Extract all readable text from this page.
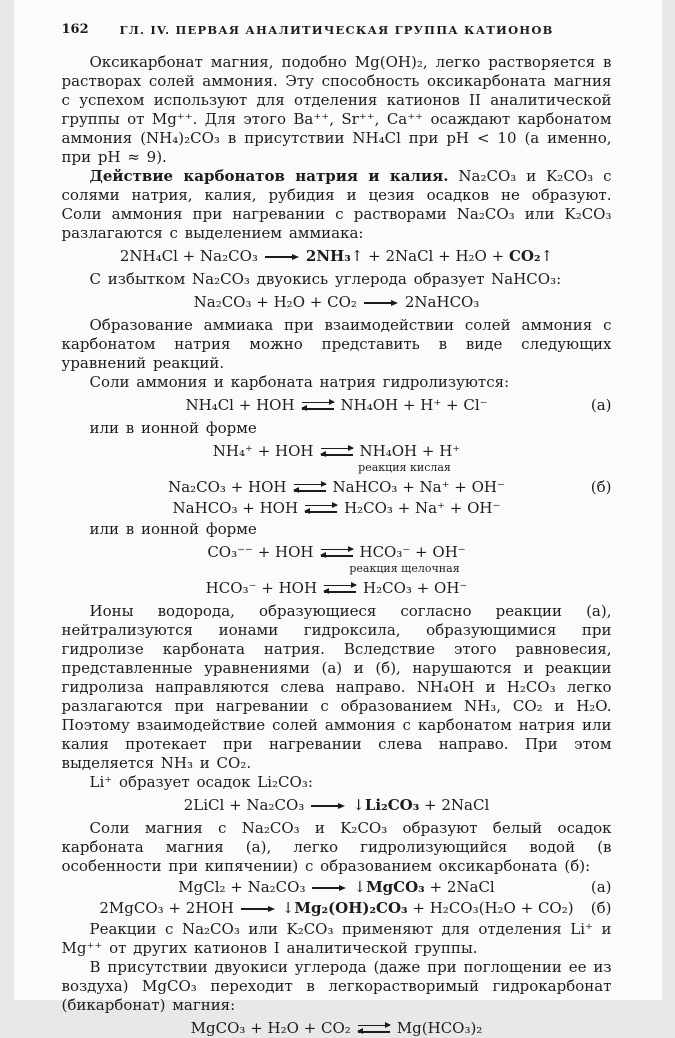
162	ГЛ. IV. ПЕРВАЯ АНАЛИТИЧЕСКАЯ ГРУППА КАТИОНОВ

Оксикарбонат магния, подобно Mg(OH)₂, легко растворяется в растворах солей аммония. Эту способность оксикарбоната магния с успехом используют для отделения катионов II аналитической группы от Mg⁺⁺. Для этого Ba⁺⁺, Sr⁺⁺, Ca⁺⁺ осаждают карбонатом аммония (NH₄)₂CO₃ в присутствии NH₄Cl при pH < 10 (а именно, при pH ≈ 9).

Действие карбонатов натрия и калия. Na₂CO₃ и K₂CO₃ с солями натрия, калия, рубидия и цезия осадков не образуют. Соли аммония при нагревании с растворами Na₂CO₃ или K₂CO₃ разлагаются с выделением аммиака:

2NH₄Cl + Na₂CO₃	2NH₃↑ + 2NaCl + H₂O + CO₂↑

С избытком Na₂CO₃ двуокись углерода образует NaHCO₃:

Na₂CO₃ + H₂O + CO₂	2NaHCO₃

Образование аммиака при взаимодействии солей аммония с карбонатом натрия можно представить в виде следующих уравнений реакций.

Соли аммония и карбоната натрия гидролизуются:

NH₄Cl + HOH ⇌ NH₄OH + H⁺ + Cl⁻	(а)

или в ионной форме

NH₄⁺ + HOH ⇌ NH₄OH + H⁺
реакция кислая
Na₂CO₃ + HOH ⇌ NaHCO₃ + Na⁺ + OH⁻	(б)
NaHCO₃ + HOH ⇌ H₂CO₃ + Na⁺ + OH⁻

или в ионной форме

CO₃⁻⁻ + HOH ⇌ HCO₃⁻ + OH⁻
реакция щелочная
HCO₃⁻ + HOH ⇌ H₂CO₃ + OH⁻

Ионы водорода, образующиеся согласно реакции (а), нейтрализуются ионами гидроксила, образующимися при гидролизе карбоната натрия. Вследствие этого равновесия, представленные уравнениями (а) и (б), нарушаются и реакции гидролиза направляются слева направо. NH₄OH и H₂CO₃ легко разлагаются при нагревании с образованием NH₃, CO₂ и H₂O. Поэтому взаимодействие солей аммония с карбонатом натрия или калия протекает при нагревании слева направо. При этом выделяется NH₃ и CO₂.

Li⁺ образует осадок Li₂CO₃:

2LiCl + Na₂CO₃	↓Li₂CO₃ + 2NaCl

Соли магния с Na₂CO₃ и K₂CO₃ образуют белый осадок карбоната магния (а), легко гидролизующийся водой (в особенности при кипячении) с образованием оксикарбоната (б):

MgCl₂ + Na₂CO₃	↓MgCO₃ + 2NaCl	(а)
2MgCO₃ + 2HOH	↓Mg₂(OH)₂CO₃ + H₂CO₃(H₂O + CO₂) (б)

Реакции с Na₂CO₃ или K₂CO₃ применяют для отделения Li⁺ и Mg⁺⁺ от других катионов I аналитической группы.

В присутствии двуокиси углерода (даже при поглощении ее из воздуха) MgCO₃ переходит в легкорастворимый гидрокарбонат (бикарбонат) магния:

MgCO₃ + H₂O + CO₂ ⇌ Mg(HCO₃)₂
